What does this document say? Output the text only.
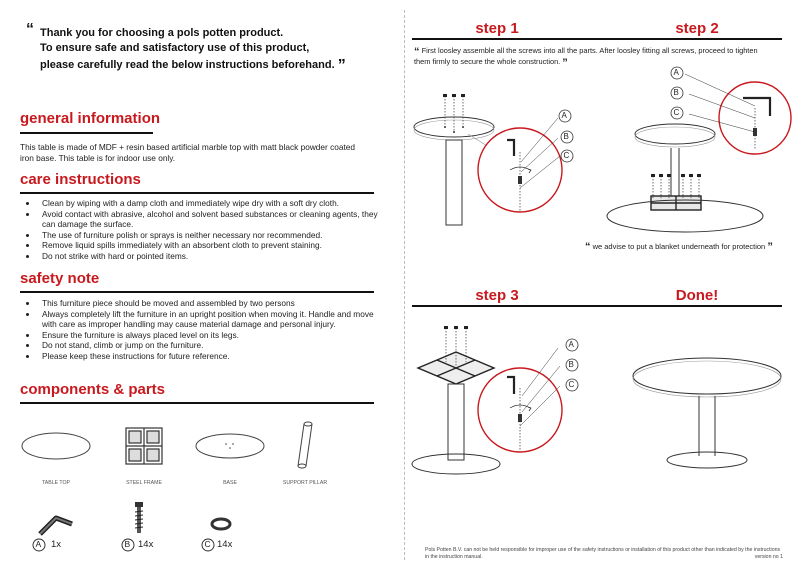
“ Thank you for choosing a pols potten product.
To ensure safe and satisfactory use of this product,
please carefully read the below instructions beforehand. ”
general information
This table is made of MDF + resin based artificial marble top with matt black powder coated
iron base. This table is for indoor use only.
care instructions
• Clean by wiping with a damp cloth and immediately wipe dry with a soft dry cloth.
• Avoid contact with abrasive, alcohol and solvent based substances or cleaning agents, they can damage the surface.
• The use of furniture polish or sprays is neither necessary nor recommended.
• Remove liquid spills immediately with an absorbent cloth to prevent staining.
• Do not strike with hard or pointed items.
safety note
• This furniture piece should be moved and assembled by two persons
• Always completely lift the furniture in an upright position when moving it. Handle and move with care as improper handling may cause material damage and personal injury.
• Ensure the furniture is always placed level on its legs.
• Do not stand, climb or jump on the furniture.
• Please keep these instructions for future reference.
components & parts
TABLE TOP	STEEL FRAME	BASE	SUPPORT PILLAR
A 1x	B 14x	C 14x
step 1	step 2
“ First loosley assemble all the screws into all the parts. After loosley fitting all screws, proceed to tighten them firmly to secure the whole construction. ”
A
B
C
A
B
C
“ we advise to put a blanket underneath for protection ”
step 3	Done!
A
B
C
Pols Potten B.V. can not be held responsible for improper use of the safety instructions or installation of this product other than indicated by the instructions in the instruction manual.	version no 1
